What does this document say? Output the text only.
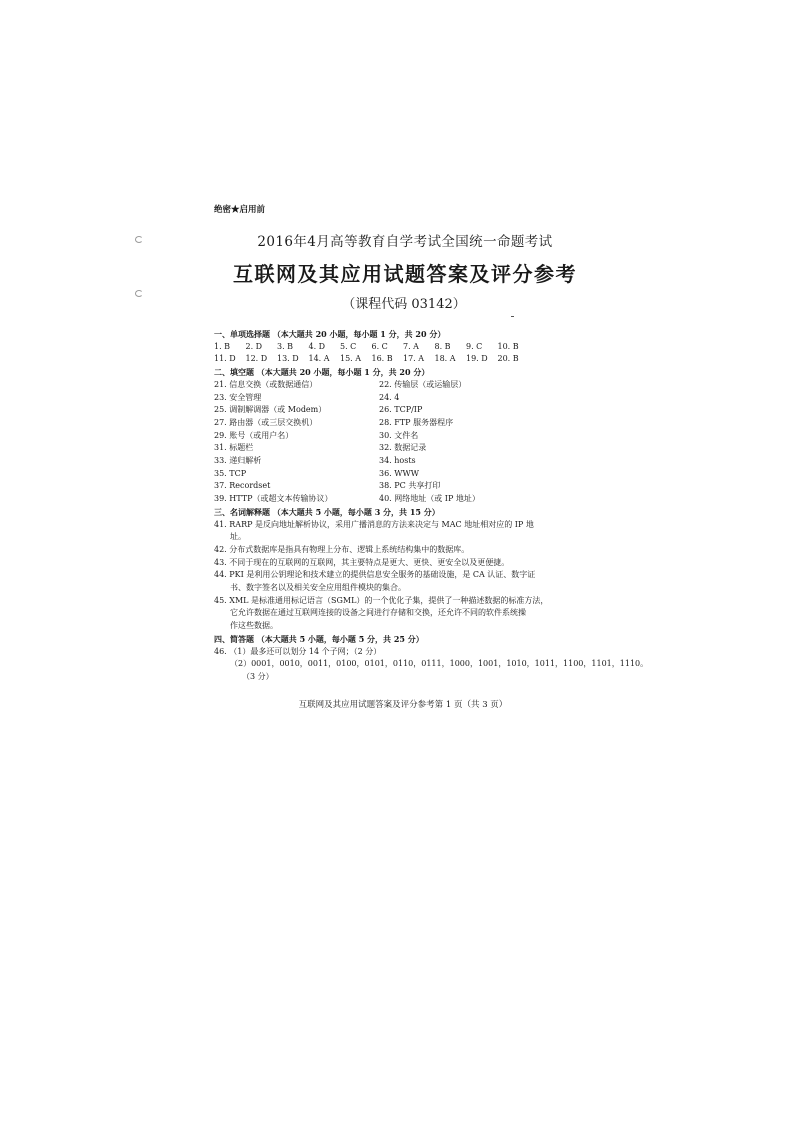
绝密★启用前
2016年4月高等教育自学考试全国统一命题考试
互联网及其应用试题答案及评分参考
（课程代码 03142）
一、单项选择题 （本大题共 20 小题，每小题 1 分，共 20 分）
1. B	2. D	3. B	4. D	5. C	6. C	7. A	8. B	9. C	10. B
11. D	12. D	13. D	14. A	15. A	16. B	17. A	18. A	19. D	20. B
二、填空题 （本大题共 20 小题，每小题 1 分，共 20 分）
21. 信息交换（或数据通信）	22. 传输层（或运输层）
23. 安全管理	24. 4
25. 调制解调器（或 Modem）	26. TCP/IP
27. 路由器（或三层交换机）	28. FTP 服务器程序
29. 账号（或用户名）	30. 文件名
31. 标题栏	32. 数据记录
33. 递归解析	34. hosts
35. TCP	36. WWW
37. Recordset	38. PC 共享打印
39. HTTP（或超文本传输协议）	40. 网络地址（或 IP 地址）
三、名词解释题 （本大题共 5 小题，每小题 3 分，共 15 分）
41. RARP 是反向地址解析协议，采用广播消息的方法来决定与 MAC 地址相对应的 IP 地
址。
42. 分布式数据库是指具有物理上分布、逻辑上系统结构集中的数据库。
43. 不同于现在的互联网的互联网，其主要特点是更大、更快、更安全以及更便捷。
44. PKI 是利用公钥理论和技术建立的提供信息安全服务的基础设施，是 CA 认证、数字证
书、数字签名以及相关安全应用组件模块的集合。
45. XML 是标准通用标记语言（SGML）的一个优化子集，提供了一种描述数据的标准方法，
它允许数据在通过互联网连接的设备之间进行存储和交换，还允许不同的软件系统操
作这些数据。
四、简答题 （本大题共 5 小题，每小题 5 分，共 25 分）
46. （1）最多还可以划分 14 个子网；（2 分）
（2）0001，0010，0011，0100，0101，0110，0111，1000，1001，1010，1011，1100，1101，1110。
（3 分）
互联网及其应用试题答案及评分参考第 1 页（共 3 页）
